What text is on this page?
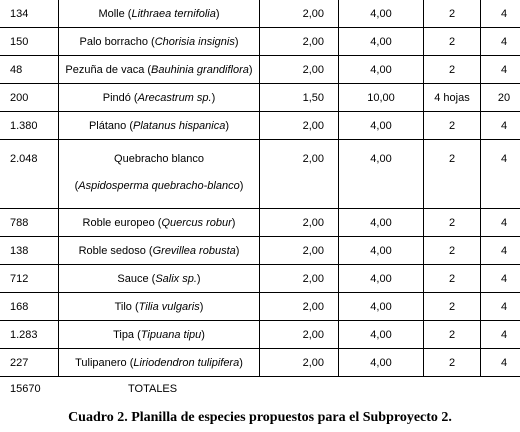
134	Molle (Lithraea ternifolia)	2,00	4,00	2	4
150	Palo borracho (Chorisia insignis)	2,00	4,00	2	4
48	Pezuña de vaca (Bauhinia grandiflora)	2,00	4,00	2	4
200	Pindó (Arecastrum sp.)	1,50	10,00	4 hojas	20
1.380	Plátano (Platanus hispanica)	2,00	4,00	2	4
2.048	Quebracho blanco
(Aspidosperma quebracho-blanco)	2,00	4,00	2	4
788	Roble europeo (Quercus robur)	2,00	4,00	2	4
138	Roble sedoso (Grevillea robusta)	2,00	4,00	2	4
712	Sauce (Salix sp.)	2,00	4,00	2	4
168	Tilo (Tilia vulgaris)	2,00	4,00	2	4
1.283	Tipa (Tipuana tipu)	2,00	4,00	2	4
227	Tulipanero (Liriodendron tulipifera)	2,00	4,00	2	4
15670	TOTALES
Cuadro 2. Planilla de especies propuestos para el Subproyecto 2.
